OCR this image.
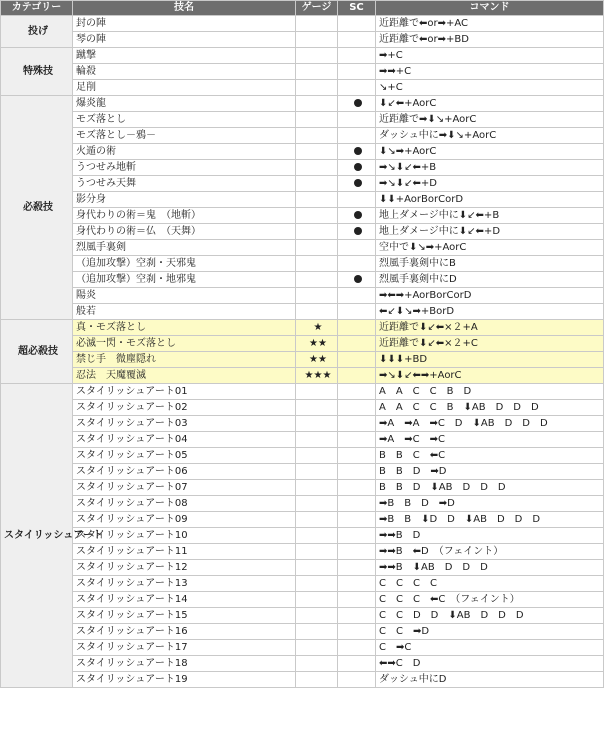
カテゴリー	技名	ゲージ	SC	コマンド
投げ	封の陣			近距離で⬅or➡+AC
	琴の陣			近距離で⬅or➡+BD
特殊技	蹴撃			➡+C
	輪殺			➡➡+C
	足削			↘+C
必殺技	爆炎龍			⬇↙⬅+AorC
	モズ落とし			近距離で➡⬇↘+AorC
	モズ落とし－鴉－			ダッシュ中に➡⬇↘+AorC
	火遁の術			⬇↘➡+AorC
	うつせみ地斬			➡↘⬇↙⬅+B
	うつせみ天舞			➡↘⬇↙⬅+D
	影分身			⬇⬇+AorBorCorD
	身代わりの術＝鬼　（地斬）			地上ダメージ中に⬇↙⬅+B
	身代わりの術＝仏　（天舞）			地上ダメージ中に⬇↙⬅+D
	烈風手裏剣			空中で⬇↘➡+AorC
	（追加攻撃）空刹・天邪鬼			烈風手裏剣中にB
	（追加攻撃）空刹・地邪鬼			烈風手裏剣中にD
	陽炎			➡⬅➡+AorBorCorD
	般若			⬅↙⬇↘➡+BorD
超必殺技	真・モズ落とし	★		近距離で⬇↙⬅×２+A
	必滅一閃・モズ落とし	★★		近距離で⬇↙⬅×２+C
	禁じ手　微塵隠れ	★★		⬇⬇⬇+BD
	忍法　天魔覆滅	★★★		➡↘⬇↙⬅➡+AorC
スタイリッシュアート	スタイリッシュアート01			A　A　C　C　B　D
	スタイリッシュアート02			A　A　C　C　B　⬇AB　D　D　D
	スタイリッシュアート03			➡A　➡A　➡C　D　⬇AB　D　D　D
	スタイリッシュアート04			➡A　➡C　➡C
	スタイリッシュアート05			B　B　C　⬅C
	スタイリッシュアート06			B　B　D　➡D
	スタイリッシュアート07			B　B　D　⬇AB　D　D　D
	スタイリッシュアート08			➡B　B　D　➡D
	スタイリッシュアート09			➡B　B　⬇D　D　⬇AB　D　D　D
	スタイリッシュアート10			➡➡B　D
	スタイリッシュアート11			➡➡B　⬅D　（フェイント）
	スタイリッシュアート12			➡➡B　⬇AB　D　D　D
	スタイリッシュアート13			C　C　C　C
	スタイリッシュアート14			C　C　C　⬅C　（フェイント）
	スタイリッシュアート15			C　C　D　D　⬇AB　D　D　D
	スタイリッシュアート16			C　C　➡D
	スタイリッシュアート17			C　➡C
	スタイリッシュアート18			⬅➡C　D
	スタイリッシュアート19			ダッシュ中にD
